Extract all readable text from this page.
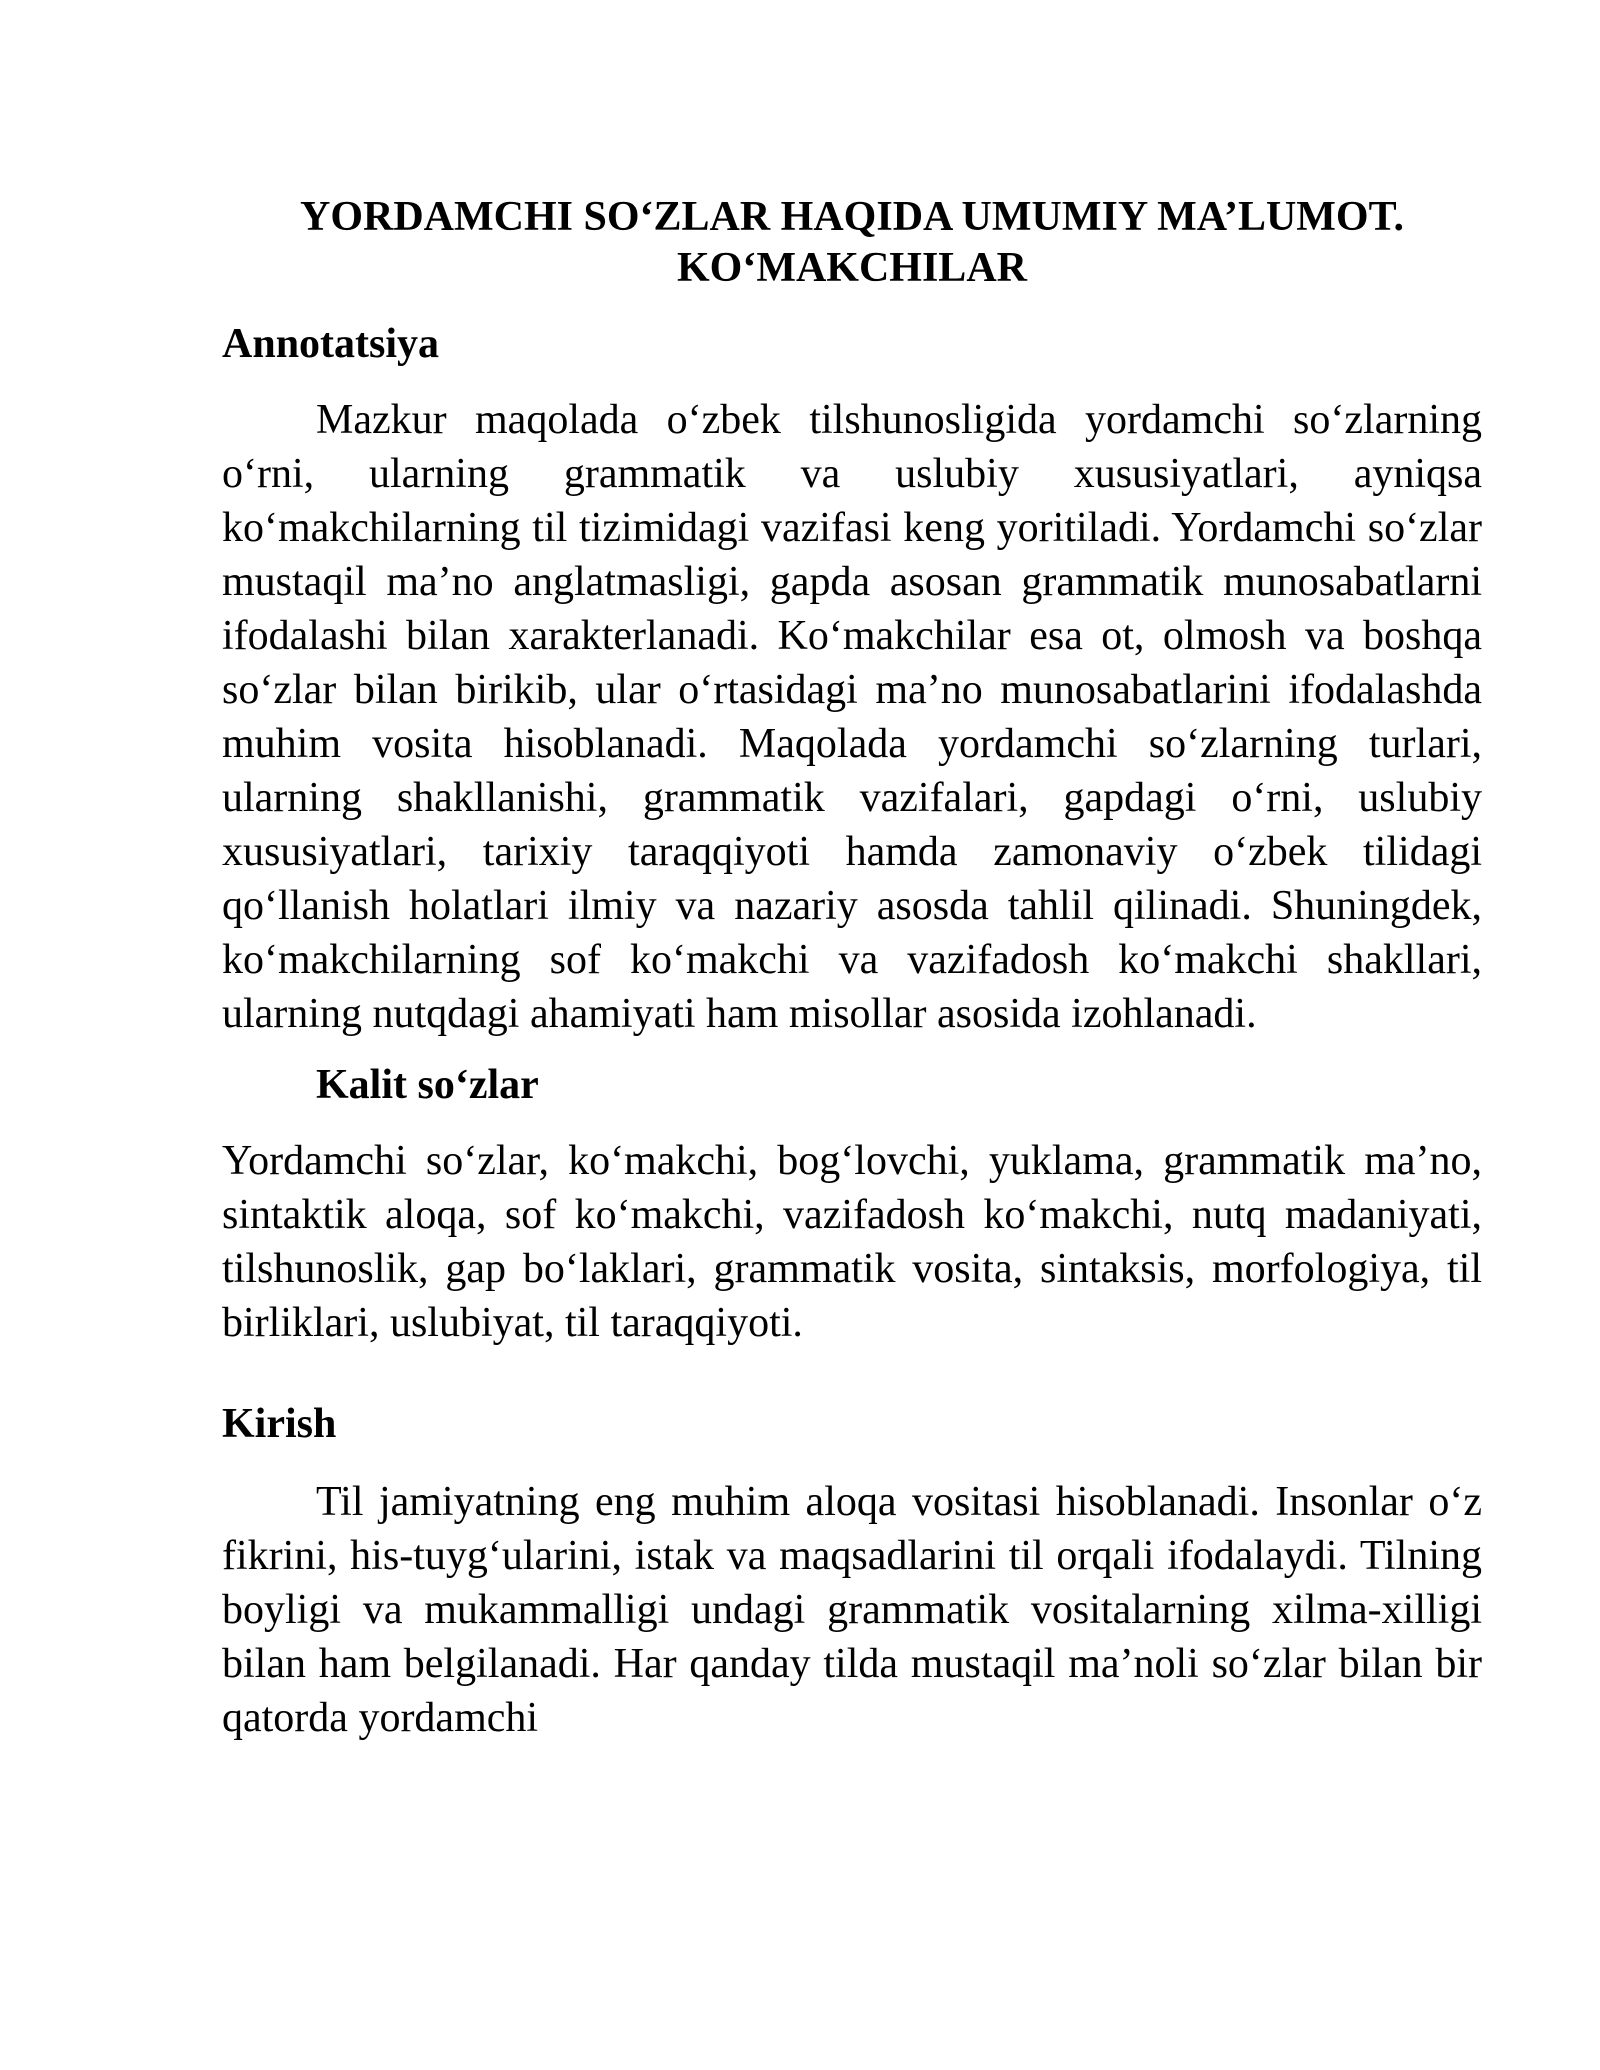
YORDAMCHI SO‘ZLAR HAQIDA UMUMIY MA’LUMOT.
KO‘MAKCHILAR
Annotatsiya

Mazkur maqolada o‘zbek tilshunosligida yordamchi so‘zlarning o‘rni, ularning grammatik va uslubiy xususiyatlari, ayniqsa ko‘makchilarning til tizimidagi vazifasi keng yoritiladi. Yordamchi so‘zlar mustaqil ma’no anglatmasligi, gapda asosan grammatik munosabatlarni ifodalashi bilan xarakterlanadi. Ko‘makchilar esa ot, olmosh va boshqa so‘zlar bilan birikib, ular o‘rtasidagi ma’no munosabatlarini ifodalashda muhim vosita hisoblanadi. Maqolada yordamchi so‘zlarning turlari, ularning shakllanishi, grammatik vazifalari, gapdagi o‘rni, uslubiy xususiyatlari, tarixiy taraqqiyoti hamda zamonaviy o‘zbek tilidagi qo‘llanish holatlari ilmiy va nazariy asosda tahlil qilinadi. Shuningdek, ko‘makchilarning sof ko‘makchi va vazifadosh ko‘makchi shakllari, ularning nutqdagi ahamiyati ham misollar asosida izohlanadi.

Kalit so‘zlar

Yordamchi so‘zlar, ko‘makchi, bog‘lovchi, yuklama, grammatik ma’no, sintaktik aloqa, sof ko‘makchi, vazifadosh ko‘makchi, nutq madaniyati, tilshunoslik, gap bo‘laklari, grammatik vosita, sintaksis, morfologiya, til birliklari, uslubiyat, til taraqqiyoti.

Kirish

Til jamiyatning eng muhim aloqa vositasi hisoblanadi. Insonlar o‘z fikrini, his-tuyg‘ularini, istak va maqsadlarini til orqali ifodalaydi. Tilning boyligi va mukammalligi undagi grammatik vositalarning xilma-xilligi bilan ham belgilanadi. Har qanday tilda mustaqil ma’noli so‘zlar bilan bir qatorda yordamchi
